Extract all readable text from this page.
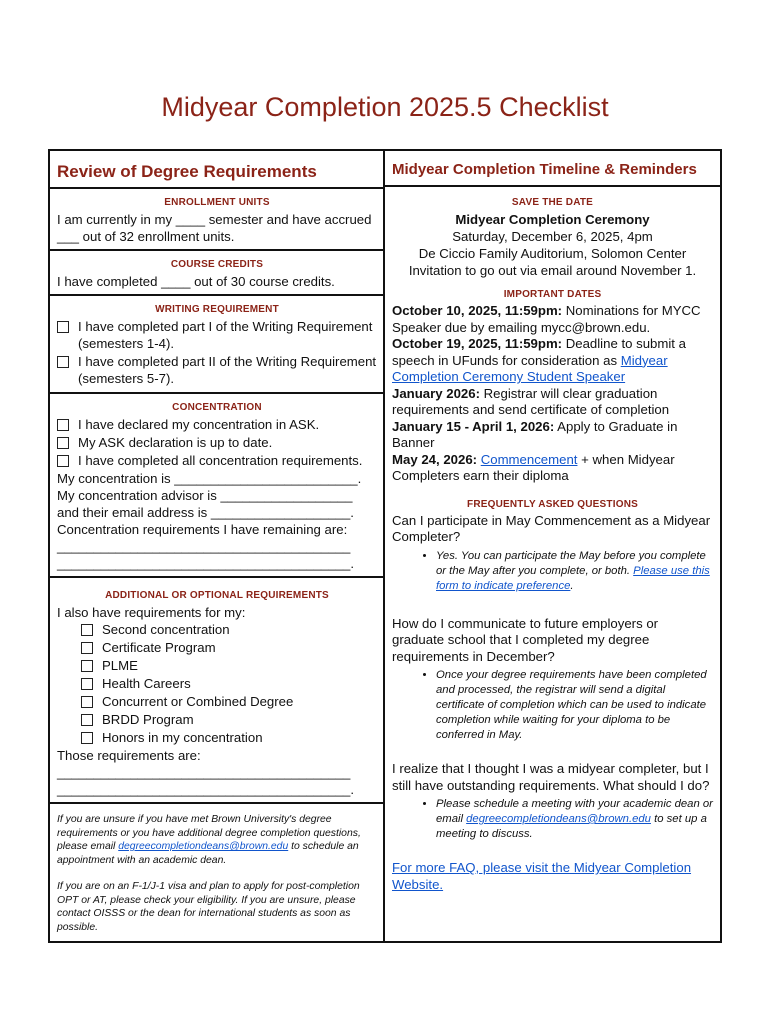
Midyear Completion 2025.5 Checklist
Review of Degree Requirements
ENROLLMENT UNITS
I am currently in my ____ semester and have accrued ___ out of 32 enrollment units.
COURSE CREDITS
I have completed ____ out of 30 course credits.
WRITING REQUIREMENT
I have completed part I of the Writing Requirement (semesters 1-4).
I have completed part II of the Writing Requirement (semesters 5-7).
CONCENTRATION
I have declared my concentration in ASK.
My ASK declaration is up to date.
I have completed all concentration requirements.
My concentration is _________________________.
My concentration advisor is __________________
and their email address is ___________________.
Concentration requirements I have remaining are:
________________________________________
________________________________________.
ADDITIONAL OR OPTIONAL REQUIREMENTS
I also have requirements for my:
Second concentration
Certificate Program
PLME
Health Careers
Concurrent or Combined Degree
BRDD Program
Honors in my concentration
Those requirements are:
________________________________________
________________________________________.
If you are unsure if you have met Brown University's degree requirements or you have additional degree completion questions, please email degreecompletiondeans@brown.edu to schedule an appointment with an academic dean.
If you are on an F-1/J-1 visa and plan to apply for post-completion OPT or AT, please check your eligibility. If you are unsure, please contact OISSS or the dean for international students as soon as possible.

Midyear Completion Timeline & Reminders
SAVE THE DATE
Midyear Completion Ceremony
Saturday, December 6, 2025, 4pm
De Ciccio Family Auditorium, Solomon Center
Invitation to go out via email around November 1.
IMPORTANT DATES
October 10, 2025, 11:59pm: Nominations for MYCC Speaker due by emailing mycc@brown.edu.
October 19, 2025, 11:59pm: Deadline to submit a speech in UFunds for consideration as Midyear Completion Ceremony Student Speaker
January 2026: Registrar will clear graduation requirements and send certificate of completion
January 15 - April 1, 2026: Apply to Graduate in Banner
May 24, 2026: Commencement + when Midyear Completers earn their diploma
FREQUENTLY ASKED QUESTIONS
Can I participate in May Commencement as a Midyear Completer?
• Yes. You can participate the May before you complete or the May after you complete, or both. Please use this form to indicate preference.
How do I communicate to future employers or graduate school that I completed my degree requirements in December?
• Once your degree requirements have been completed and processed, the registrar will send a digital certificate of completion which can be used to indicate completion while waiting for your diploma to be conferred in May.
I realize that I thought I was a midyear completer, but I still have outstanding requirements. What should I do?
• Please schedule a meeting with your academic dean or email degreecompletiondeans@brown.edu to set up a meeting to discuss.
For more FAQ, please visit the Midyear Completion Website.
